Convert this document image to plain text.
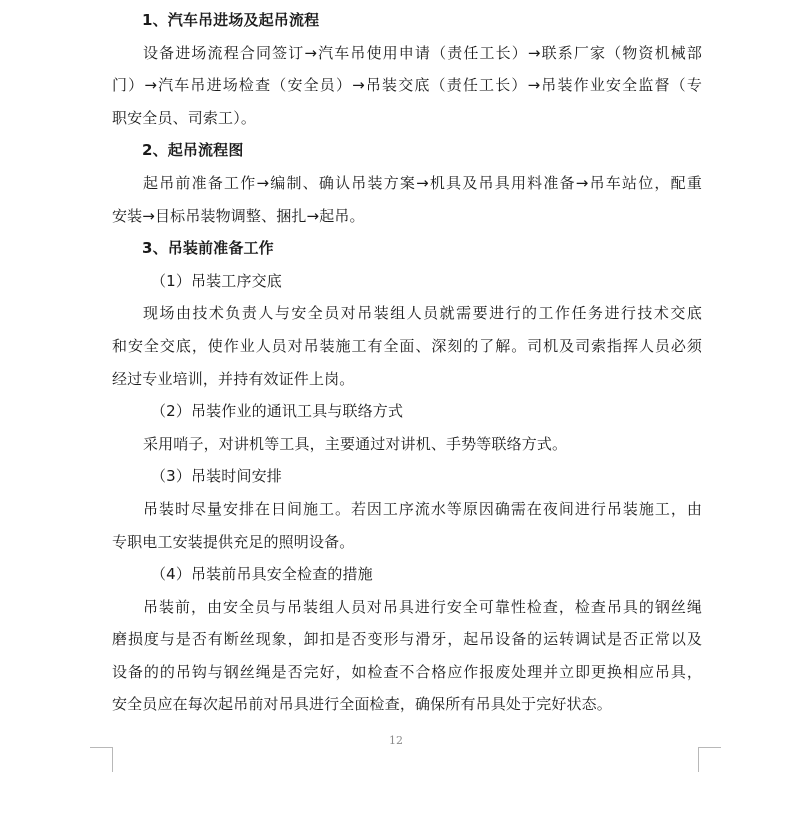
1、汽车吊进场及起吊流程
设备进场流程合同签订→汽车吊使用申请（责任工长）→联系厂家（物资机械部
门）→汽车吊进场检查（安全员）→吊装交底（责任工长）→吊装作业安全监督（专
职安全员、司索工）。
2、起吊流程图
起吊前准备工作→编制、确认吊装方案→机具及吊具用料准备→吊车站位，配重
安装→目标吊装物调整、捆扎→起吊。
3、吊装前准备工作
（1）吊装工序交底
现场由技术负责人与安全员对吊装组人员就需要进行的工作任务进行技术交底
和安全交底，使作业人员对吊装施工有全面、深刻的了解。司机及司索指挥人员必须
经过专业培训，并持有效证件上岗。
（2）吊装作业的通讯工具与联络方式
采用哨子，对讲机等工具，主要通过对讲机、手势等联络方式。
（3）吊装时间安排
吊装时尽量安排在日间施工。若因工序流水等原因确需在夜间进行吊装施工，由
专职电工安装提供充足的照明设备。
（4）吊装前吊具安全检查的措施
吊装前，由安全员与吊装组人员对吊具进行安全可靠性检查，检查吊具的钢丝绳
磨损度与是否有断丝现象，卸扣是否变形与滑牙，起吊设备的运转调试是否正常以及
设备的的吊钩与钢丝绳是否完好，如检查不合格应作报废处理并立即更换相应吊具，
安全员应在每次起吊前对吊具进行全面检查，确保所有吊具处于完好状态。
12
